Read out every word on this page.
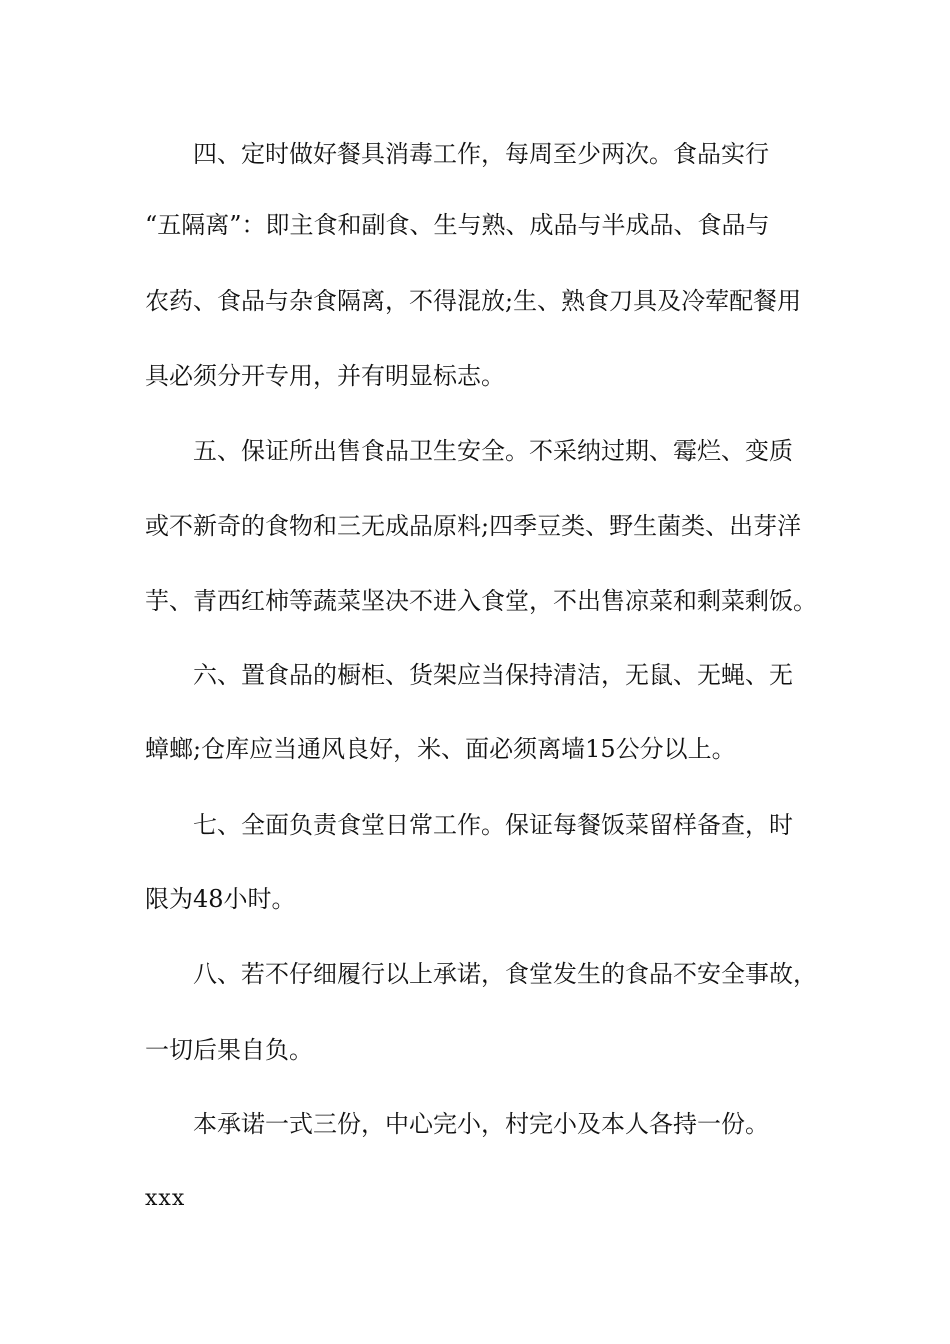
四、定时做好餐具消毒工作，每周至少两次。食品实行
“五隔离”：即主食和副食、生与熟、成品与半成品、食品与
农药、食品与杂食隔离，不得混放;生、熟食刀具及冷荤配餐用
具必须分开专用，并有明显标志。
五、保证所出售食品卫生安全。不采纳过期、霉烂、变质
或不新奇的食物和三无成品原料;四季豆类、野生菌类、出芽洋
芋、青西红柿等蔬菜坚决不进入食堂，不出售凉菜和剩菜剩饭。
六、置食品的橱柜、货架应当保持清洁，无鼠、无蝇、无
蟑螂;仓库应当通风良好，米、面必须离墙15公分以上。
七、全面负责食堂日常工作。保证每餐饭菜留样备查，时
限为48小时。
八、若不仔细履行以上承诺，食堂发生的食品不安全事故，
一切后果自负。
本承诺一式三份，中心完小，村完小及本人各持一份。
xxx
